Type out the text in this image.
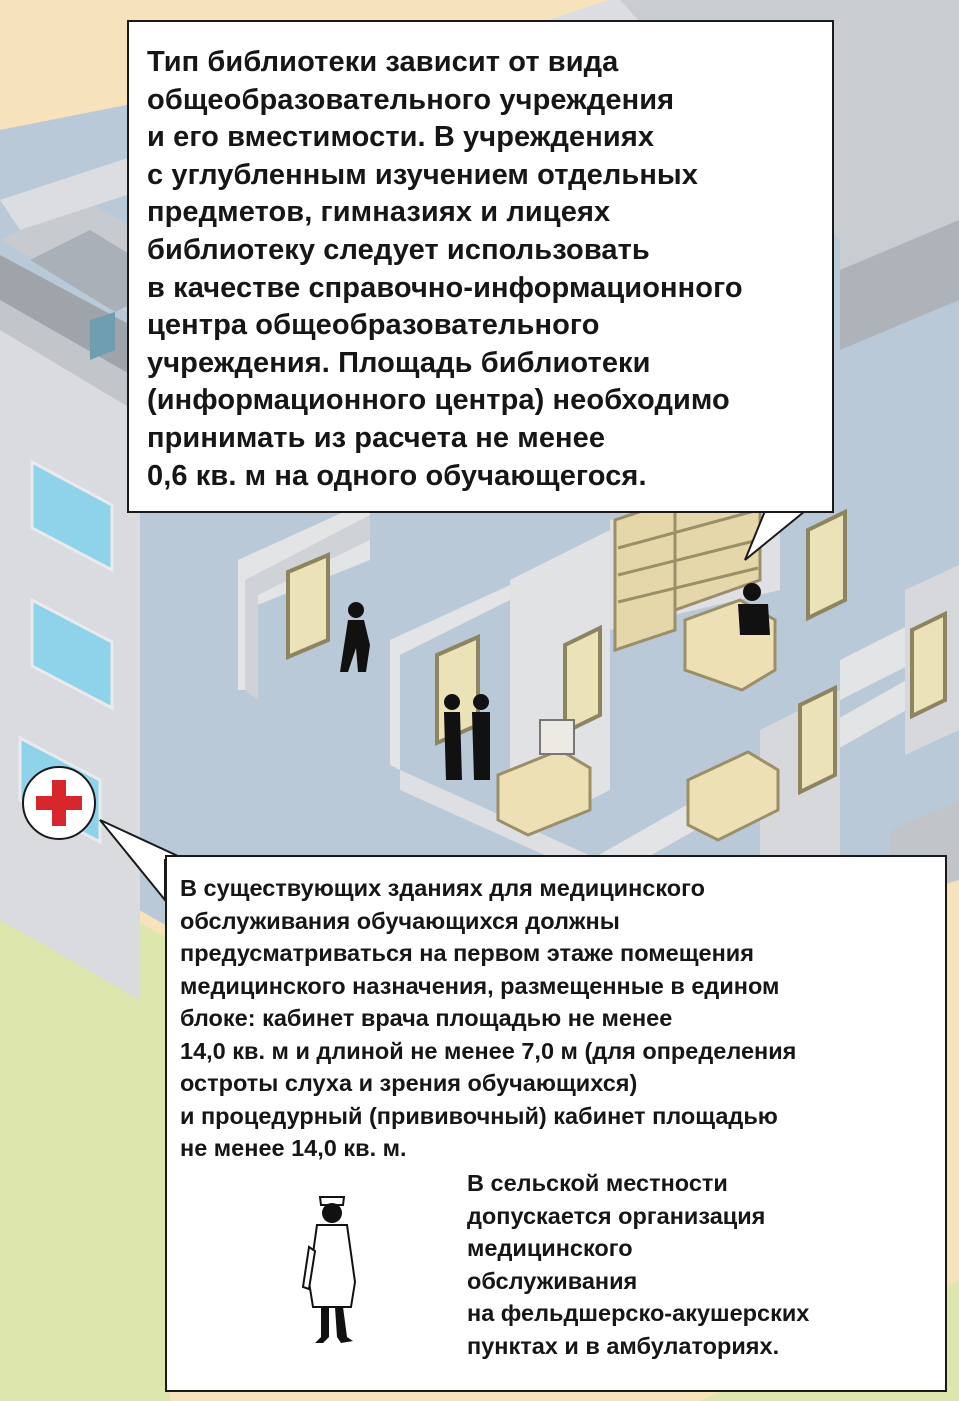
Тип библиотеки зависит от вида
общеобразовательного учреждения
и его вместимости. В учреждениях
с углубленным изучением отдельных
предметов, гимназиях и лицеях
библиотеку следует использовать
в качестве справочно-информационного
центра общеобразовательного
учреждения. Площадь библиотеки
(информационного центра) необходимо
принимать из расчета не менее
0,6 кв. м на одного обучающегося.

В существующих зданиях для медицинского
обслуживания обучающихся должны
предусматриваться на первом этаже помещения
медицинского назначения, размещенные в едином
блоке: кабинет врача площадью не менее
14,0 кв. м и длиной не менее 7,0 м (для определения
остроты слуха и зрения обучающихся)
и процедурный (прививочный) кабинет площадью
не менее 14,0 кв. м.

В сельской местности
допускается организация
медицинского
обслуживания
на фельдшерско-акушерских
пунктах и в амбулаториях.
